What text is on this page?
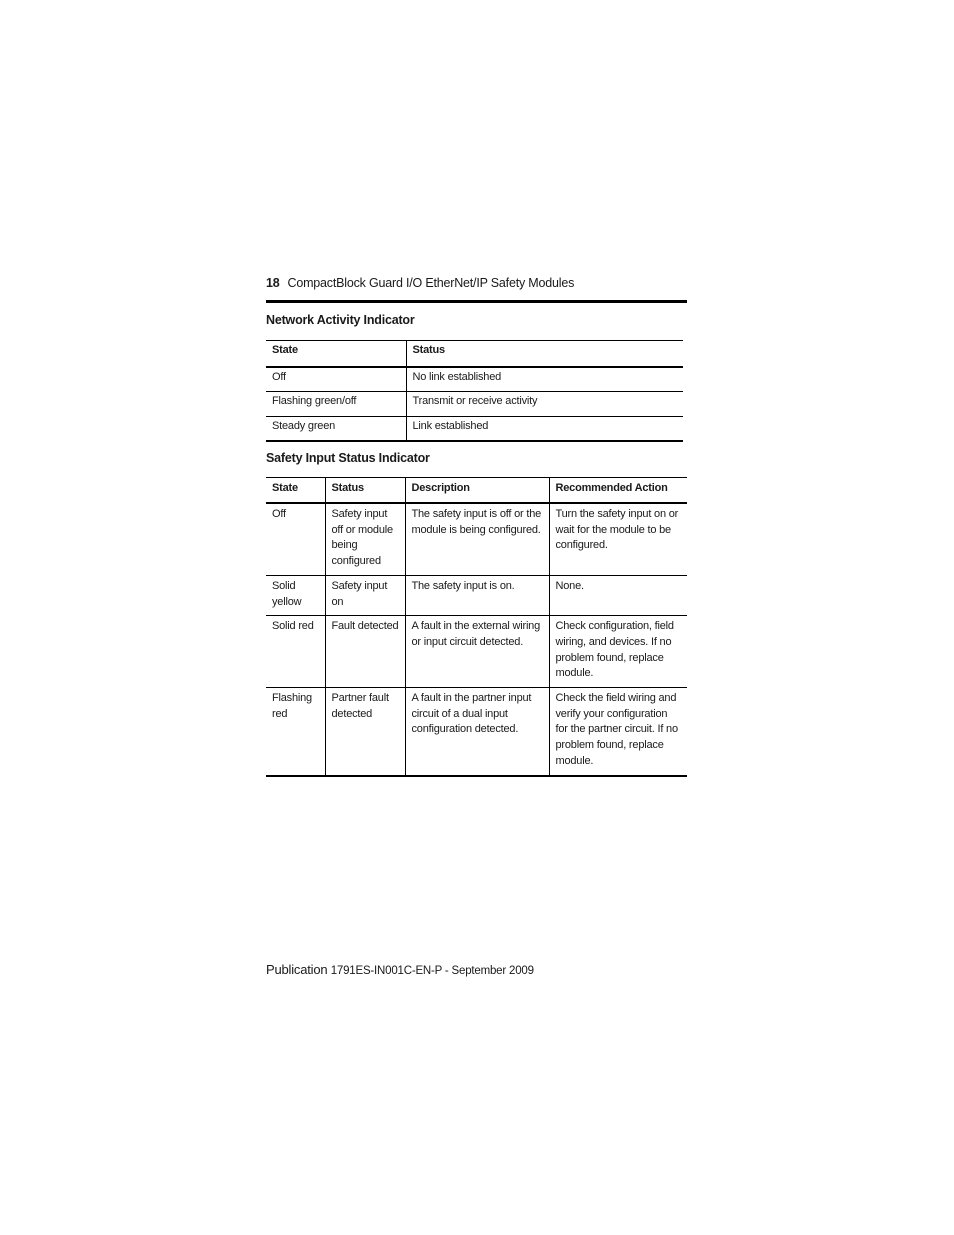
18 CompactBlock Guard I/O EtherNet/IP Safety Modules
Network Activity Indicator
State	Status
Off	No link established
Flashing green/off	Transmit or receive activity
Steady green	Link established
Safety Input Status Indicator
State	Status	Description	Recommended Action
Off	Safety input off or module being configured	The safety input is off or the module is being configured.	Turn the safety input on or wait for the module to be configured.
Solid yellow	Safety input on	The safety input is on.	None.
Solid red	Fault detected	A fault in the external wiring or input circuit detected.	Check configuration, field wiring, and devices. If no problem found, replace module.
Flashing red	Partner fault detected	A fault in the partner input circuit of a dual input configuration detected.	Check the field wiring and verify your configuration for the partner circuit. If no problem found, replace module.
Publication 1791ES-IN001C-EN-P - September 2009
